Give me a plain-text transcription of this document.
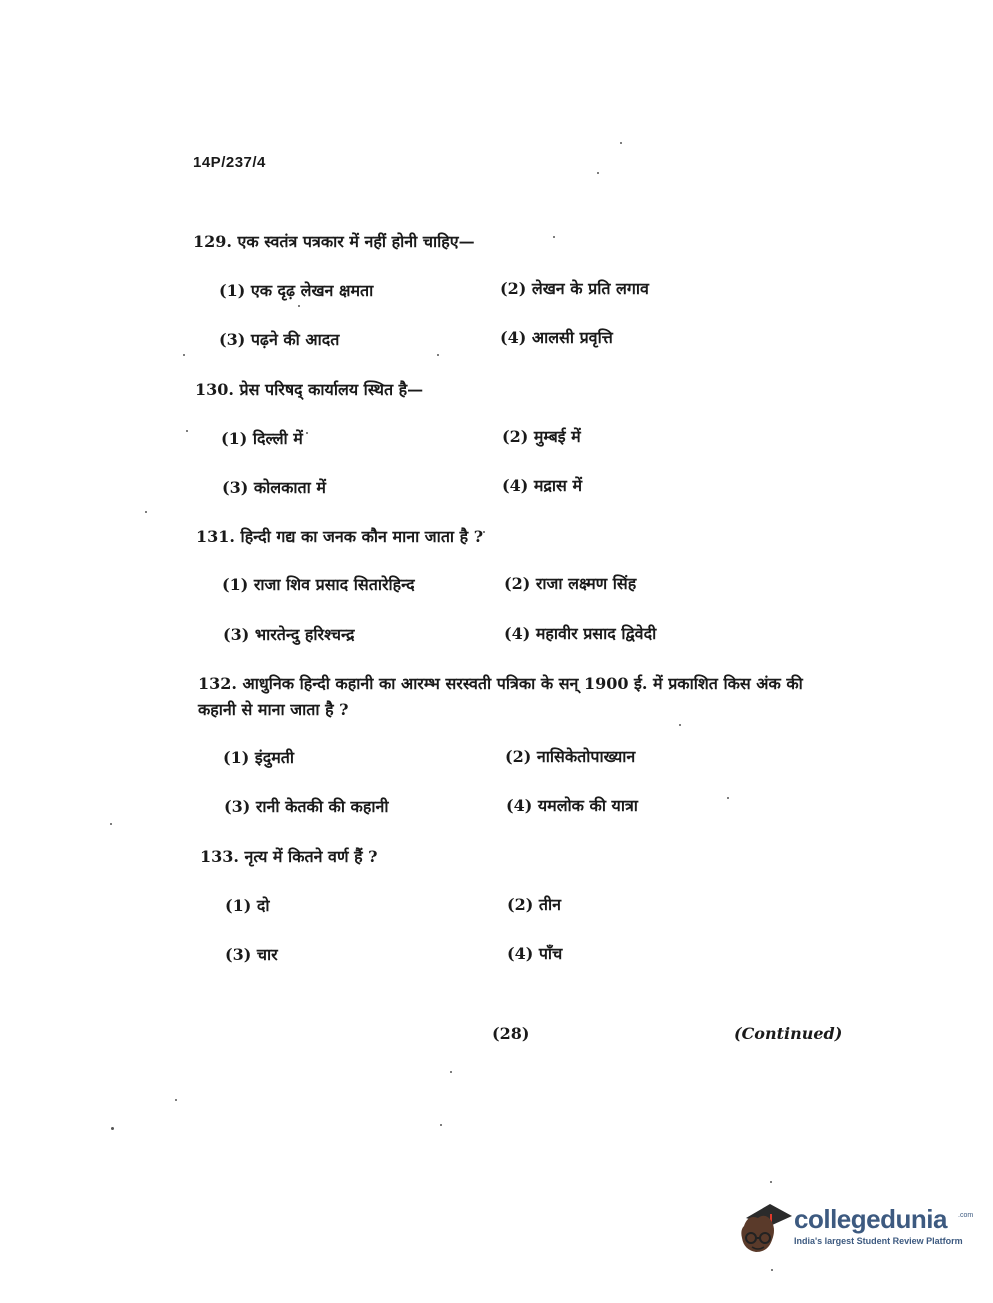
14P/237/4
129. एक स्वतंत्र पत्रकार में नहीं होनी चाहिए—
(1) एक दृढ़ लेखन क्षमता	(2) लेखन के प्रति लगाव
(3) पढ़ने की आदत	(4) आलसी प्रवृत्ति
130. प्रेस परिषद् कार्यालय स्थित है—
(1) दिल्ली में	(2) मुम्बई में
(3) कोलकाता में	(4) मद्रास में
131. हिन्दी गद्य का जनक कौन माना जाता है ?
(1) राजा शिव प्रसाद सितारेहिन्द	(2) राजा लक्ष्मण सिंह
(3) भारतेन्दु हरिश्चन्द्र	(4) महावीर प्रसाद द्विवेदी
132. आधुनिक हिन्दी कहानी का आरम्भ सरस्वती पत्रिका के सन् 1900 ई. में प्रकाशित किस अंक की कहानी से माना जाता है ?
(1) इंदुमती	(2) नासिकेतोपाख्यान
(3) रानी केतकी की कहानी	(4) यमलोक की यात्रा
133. नृत्य में कितने वर्ण हैं ?
(1) दो	(2) तीन
(3) चार	(4) पाँच
(28)	(Continued)
collegedunia .com
India's largest Student Review Platform
